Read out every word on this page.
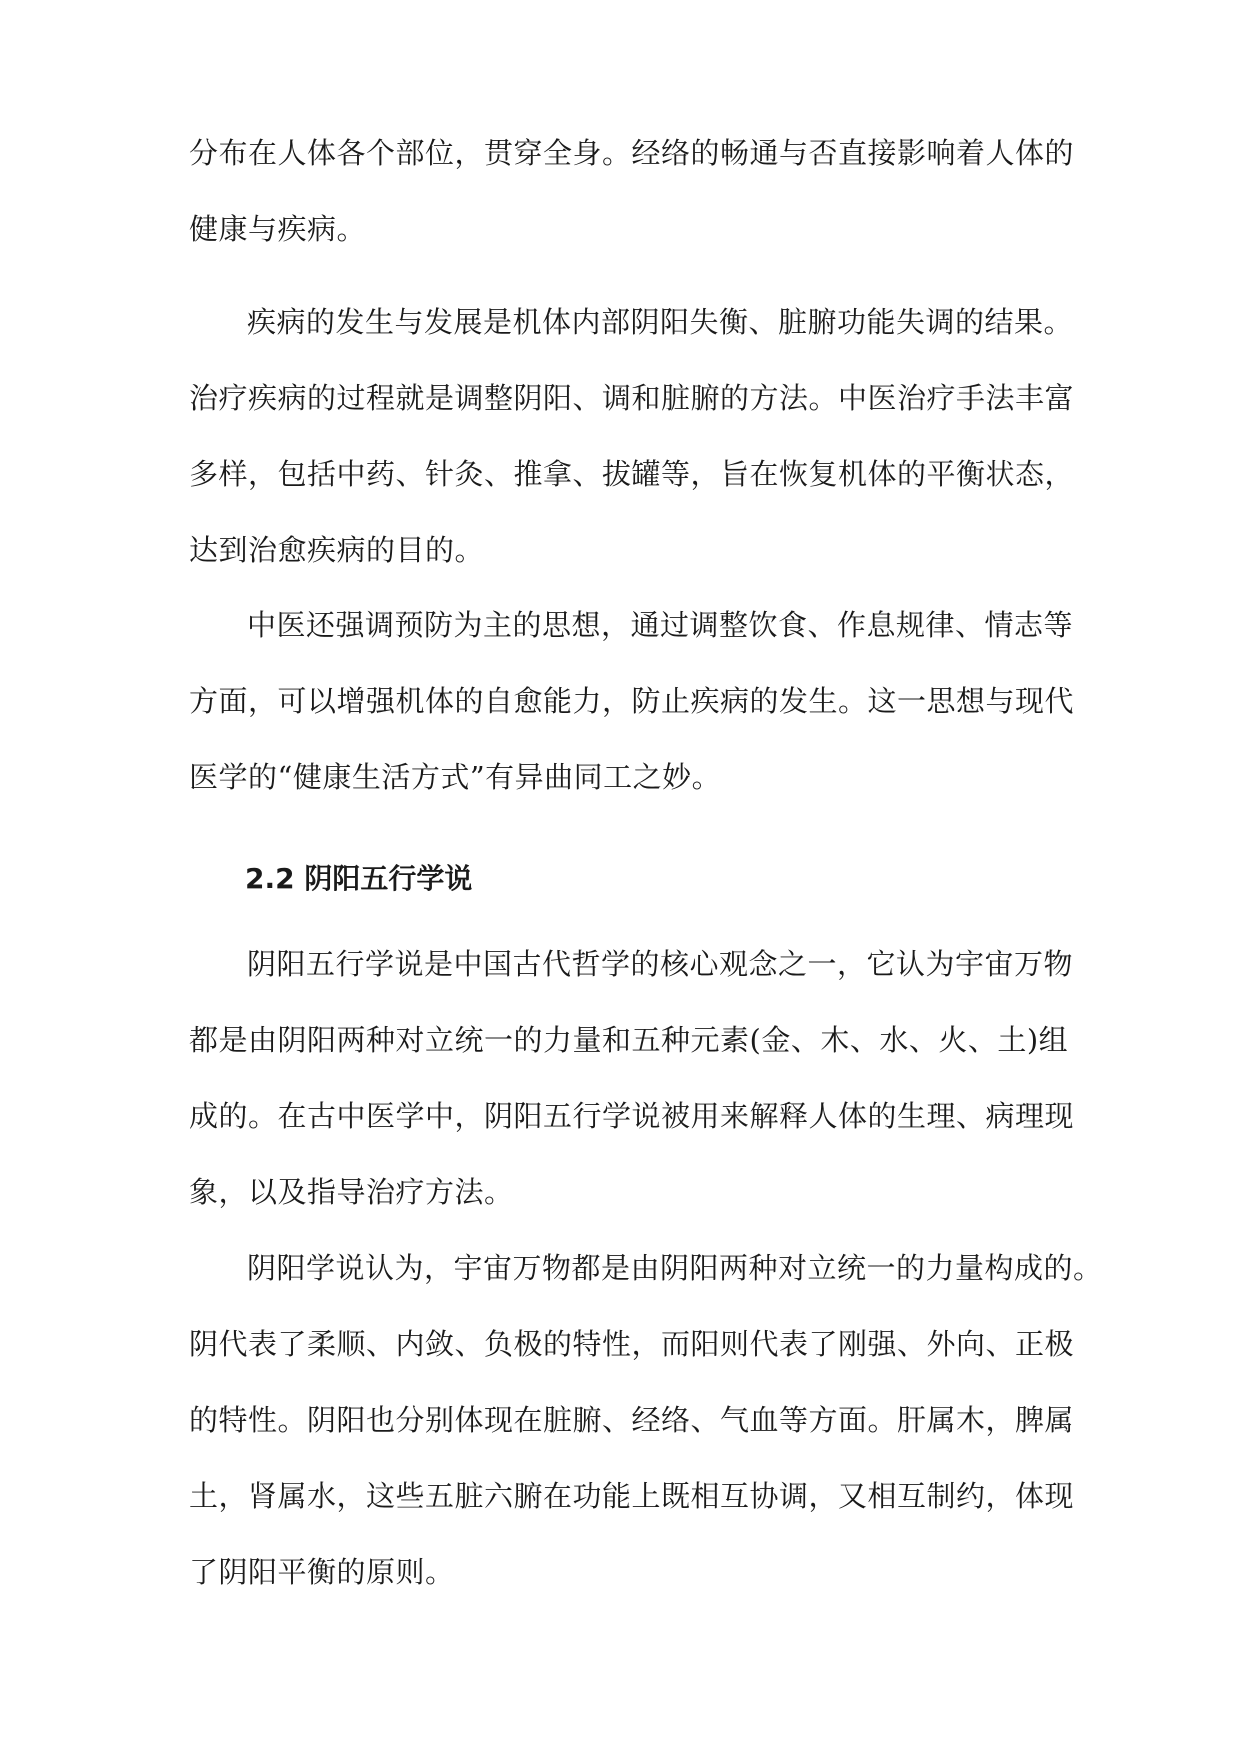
分布在人体各个部位，贯穿全身。经络的畅通与否直接影响着人体的
健康与疾病。
疾病的发生与发展是机体内部阴阳失衡、脏腑功能失调的结果。
治疗疾病的过程就是调整阴阳、调和脏腑的方法。中医治疗手法丰富
多样，包括中药、针灸、推拿、拔罐等，旨在恢复机体的平衡状态，
达到治愈疾病的目的。
中医还强调预防为主的思想，通过调整饮食、作息规律、情志等
方面，可以增强机体的自愈能力，防止疾病的发生。这一思想与现代
医学的“健康生活方式”有异曲同工之妙。
2.2 阴阳五行学说
阴阳五行学说是中国古代哲学的核心观念之一，它认为宇宙万物
都是由阴阳两种对立统一的力量和五种元素(金、木、水、火、土)组
成的。在古中医学中，阴阳五行学说被用来解释人体的生理、病理现
象，以及指导治疗方法。
阴阳学说认为，宇宙万物都是由阴阳两种对立统一的力量构成的。
阴代表了柔顺、内敛、负极的特性，而阳则代表了刚强、外向、正极
的特性。阴阳也分别体现在脏腑、经络、气血等方面。肝属木，脾属
土，肾属水，这些五脏六腑在功能上既相互协调，又相互制约，体现
了阴阳平衡的原则。
